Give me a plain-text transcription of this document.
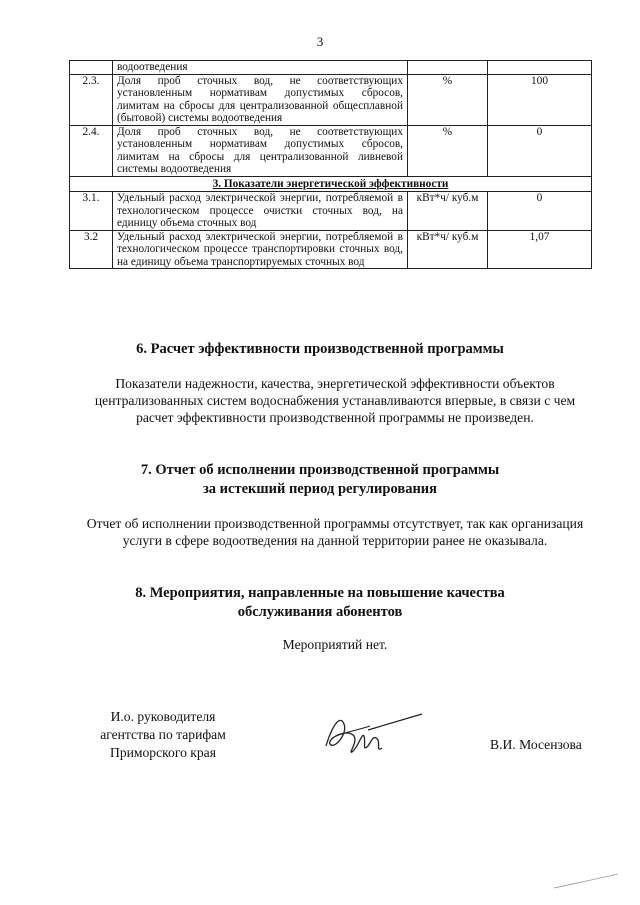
3
	водоотведения		
2.3.	Доля проб сточных вод, не соответствующих установленным нормативам допустимых сбросов, лимитам на сбросы для централизованной общесплавной (бытовой) системы водоотведения	%	100
2.4.	Доля проб сточных вод, не соответствующих установленным нормативам допустимых сбросов, лимитам на сбросы для централизованной ливневой системы водоотведения	%	0
3. Показатели энергетической эффективности			
3.1.	Удельный расход электрической энергии, потребляемой в технологическом процессе очистки сточных вод, на единицу объема сточных вод	кВт*ч/ куб.м	0
3.2	Удельный расход электрической энергии, потребляемой в технологическом процессе транспортировки сточных вод, на единицу объема транспортируемых сточных вод	кВт*ч/ куб.м	1,07
6. Расчет эффективности производственной программы
Показатели надежности, качества, энергетической эффективности объектов централизованных систем водоснабжения устанавливаются впервые, в связи с чем расчет эффективности производственной программы не произведен.
7. Отчет об исполнении производственной программы
за истекший период регулирования
Отчет об исполнении производственной программы отсутствует, так как организация услуги в сфере водоотведения на данной территории ранее не оказывала.
8. Мероприятия, направленные на повышение качества
обслуживания абонентов
Мероприятий нет.
И.о. руководителя
агентства по тарифам
Приморского края
В.И. Мосензова
